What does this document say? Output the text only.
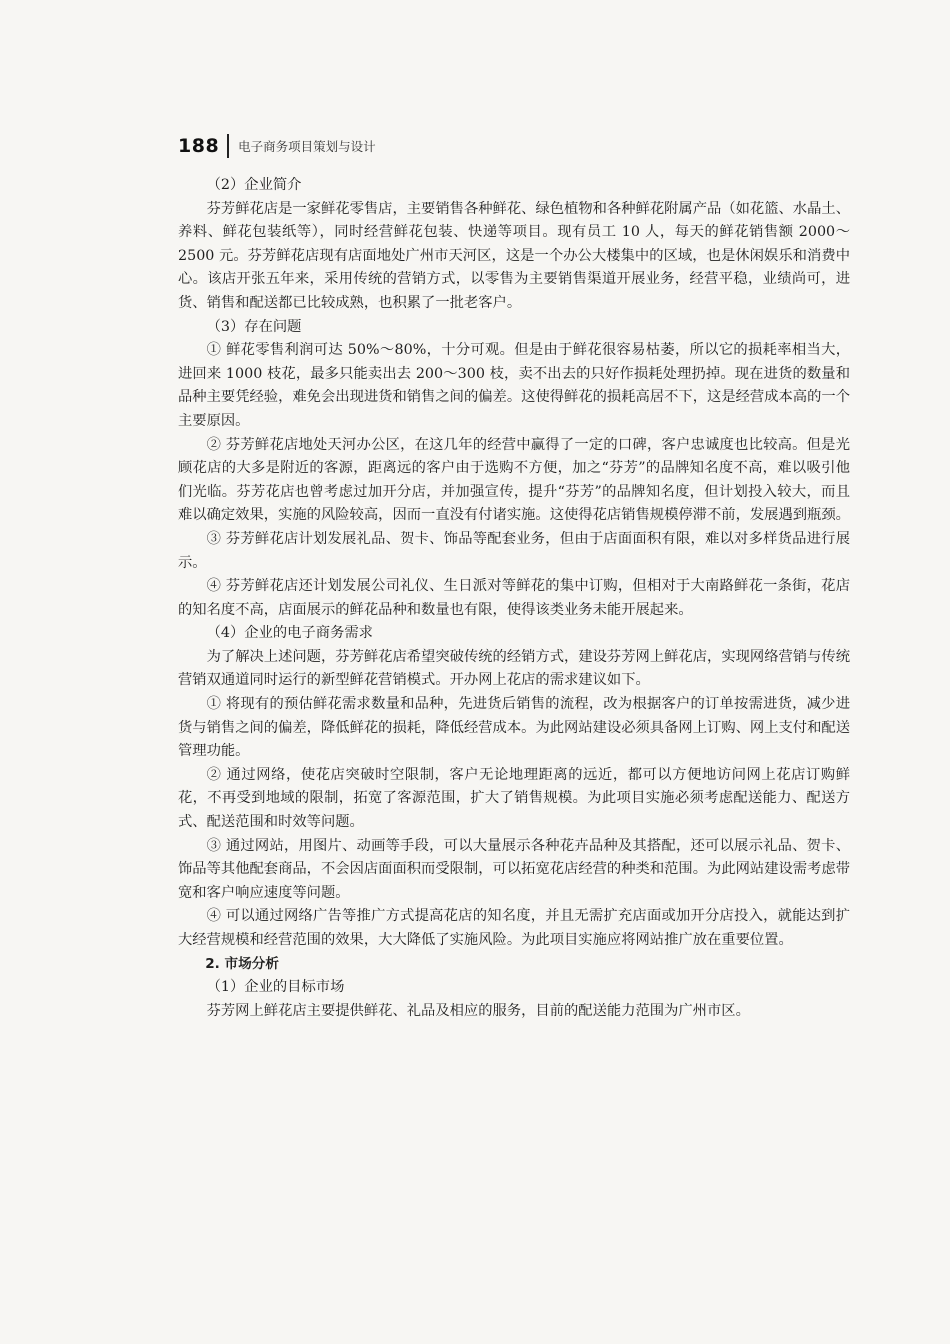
188 电子商务项目策划与设计

（2）企业简介

芬芳鲜花店是一家鲜花零售店，主要销售各种鲜花、绿色植物和各种鲜花附属产品（如花篮、水晶土、养料、鲜花包装纸等），同时经营鲜花包装、快递等项目。现有员工 10 人，每天的鲜花销售额 2000～2500 元。芬芳鲜花店现有店面地处广州市天河区，这是一个办公大楼集中的区域，也是休闲娱乐和消费中心。该店开张五年来，采用传统的营销方式，以零售为主要销售渠道开展业务，经营平稳，业绩尚可，进货、销售和配送都已比较成熟，也积累了一批老客户。

（3）存在问题

① 鲜花零售利润可达 50%～80%，十分可观。但是由于鲜花很容易枯萎，所以它的损耗率相当大，进回来 1000 枝花，最多只能卖出去 200～300 枝，卖不出去的只好作损耗处理扔掉。现在进货的数量和品种主要凭经验，难免会出现进货和销售之间的偏差。这使得鲜花的损耗高居不下，这是经营成本高的一个主要原因。

② 芬芳鲜花店地处天河办公区，在这几年的经营中赢得了一定的口碑，客户忠诚度也比较高。但是光顾花店的大多是附近的客源，距离远的客户由于选购不方便，加之“芬芳”的品牌知名度不高，难以吸引他们光临。芬芳花店也曾考虑过加开分店，并加强宣传，提升“芬芳”的品牌知名度，但计划投入较大，而且难以确定效果，实施的风险较高，因而一直没有付诸实施。这使得花店销售规模停滞不前，发展遇到瓶颈。

③ 芬芳鲜花店计划发展礼品、贺卡、饰品等配套业务，但由于店面面积有限，难以对多样货品进行展示。

④ 芬芳鲜花店还计划发展公司礼仪、生日派对等鲜花的集中订购，但相对于大南路鲜花一条街，花店的知名度不高，店面展示的鲜花品种和数量也有限，使得该类业务未能开展起来。

（4）企业的电子商务需求

为了解决上述问题，芬芳鲜花店希望突破传统的经销方式，建设芬芳网上鲜花店，实现网络营销与传统营销双通道同时运行的新型鲜花营销模式。开办网上花店的需求建议如下。

① 将现有的预估鲜花需求数量和品种，先进货后销售的流程，改为根据客户的订单按需进货，减少进货与销售之间的偏差，降低鲜花的损耗，降低经营成本。为此网站建设必须具备网上订购、网上支付和配送管理功能。

② 通过网络，使花店突破时空限制，客户无论地理距离的远近，都可以方便地访问网上花店订购鲜花，不再受到地域的限制，拓宽了客源范围，扩大了销售规模。为此项目实施必须考虑配送能力、配送方式、配送范围和时效等问题。

③ 通过网站，用图片、动画等手段，可以大量展示各种花卉品种及其搭配，还可以展示礼品、贺卡、饰品等其他配套商品，不会因店面面积而受限制，可以拓宽花店经营的种类和范围。为此网站建设需考虑带宽和客户响应速度等问题。

④ 可以通过网络广告等推广方式提高花店的知名度，并且无需扩充店面或加开分店投入，就能达到扩大经营规模和经营范围的效果，大大降低了实施风险。为此项目实施应将网站推广放在重要位置。

2. 市场分析

（1）企业的目标市场

芬芳网上鲜花店主要提供鲜花、礼品及相应的服务，目前的配送能力范围为广州市区。
